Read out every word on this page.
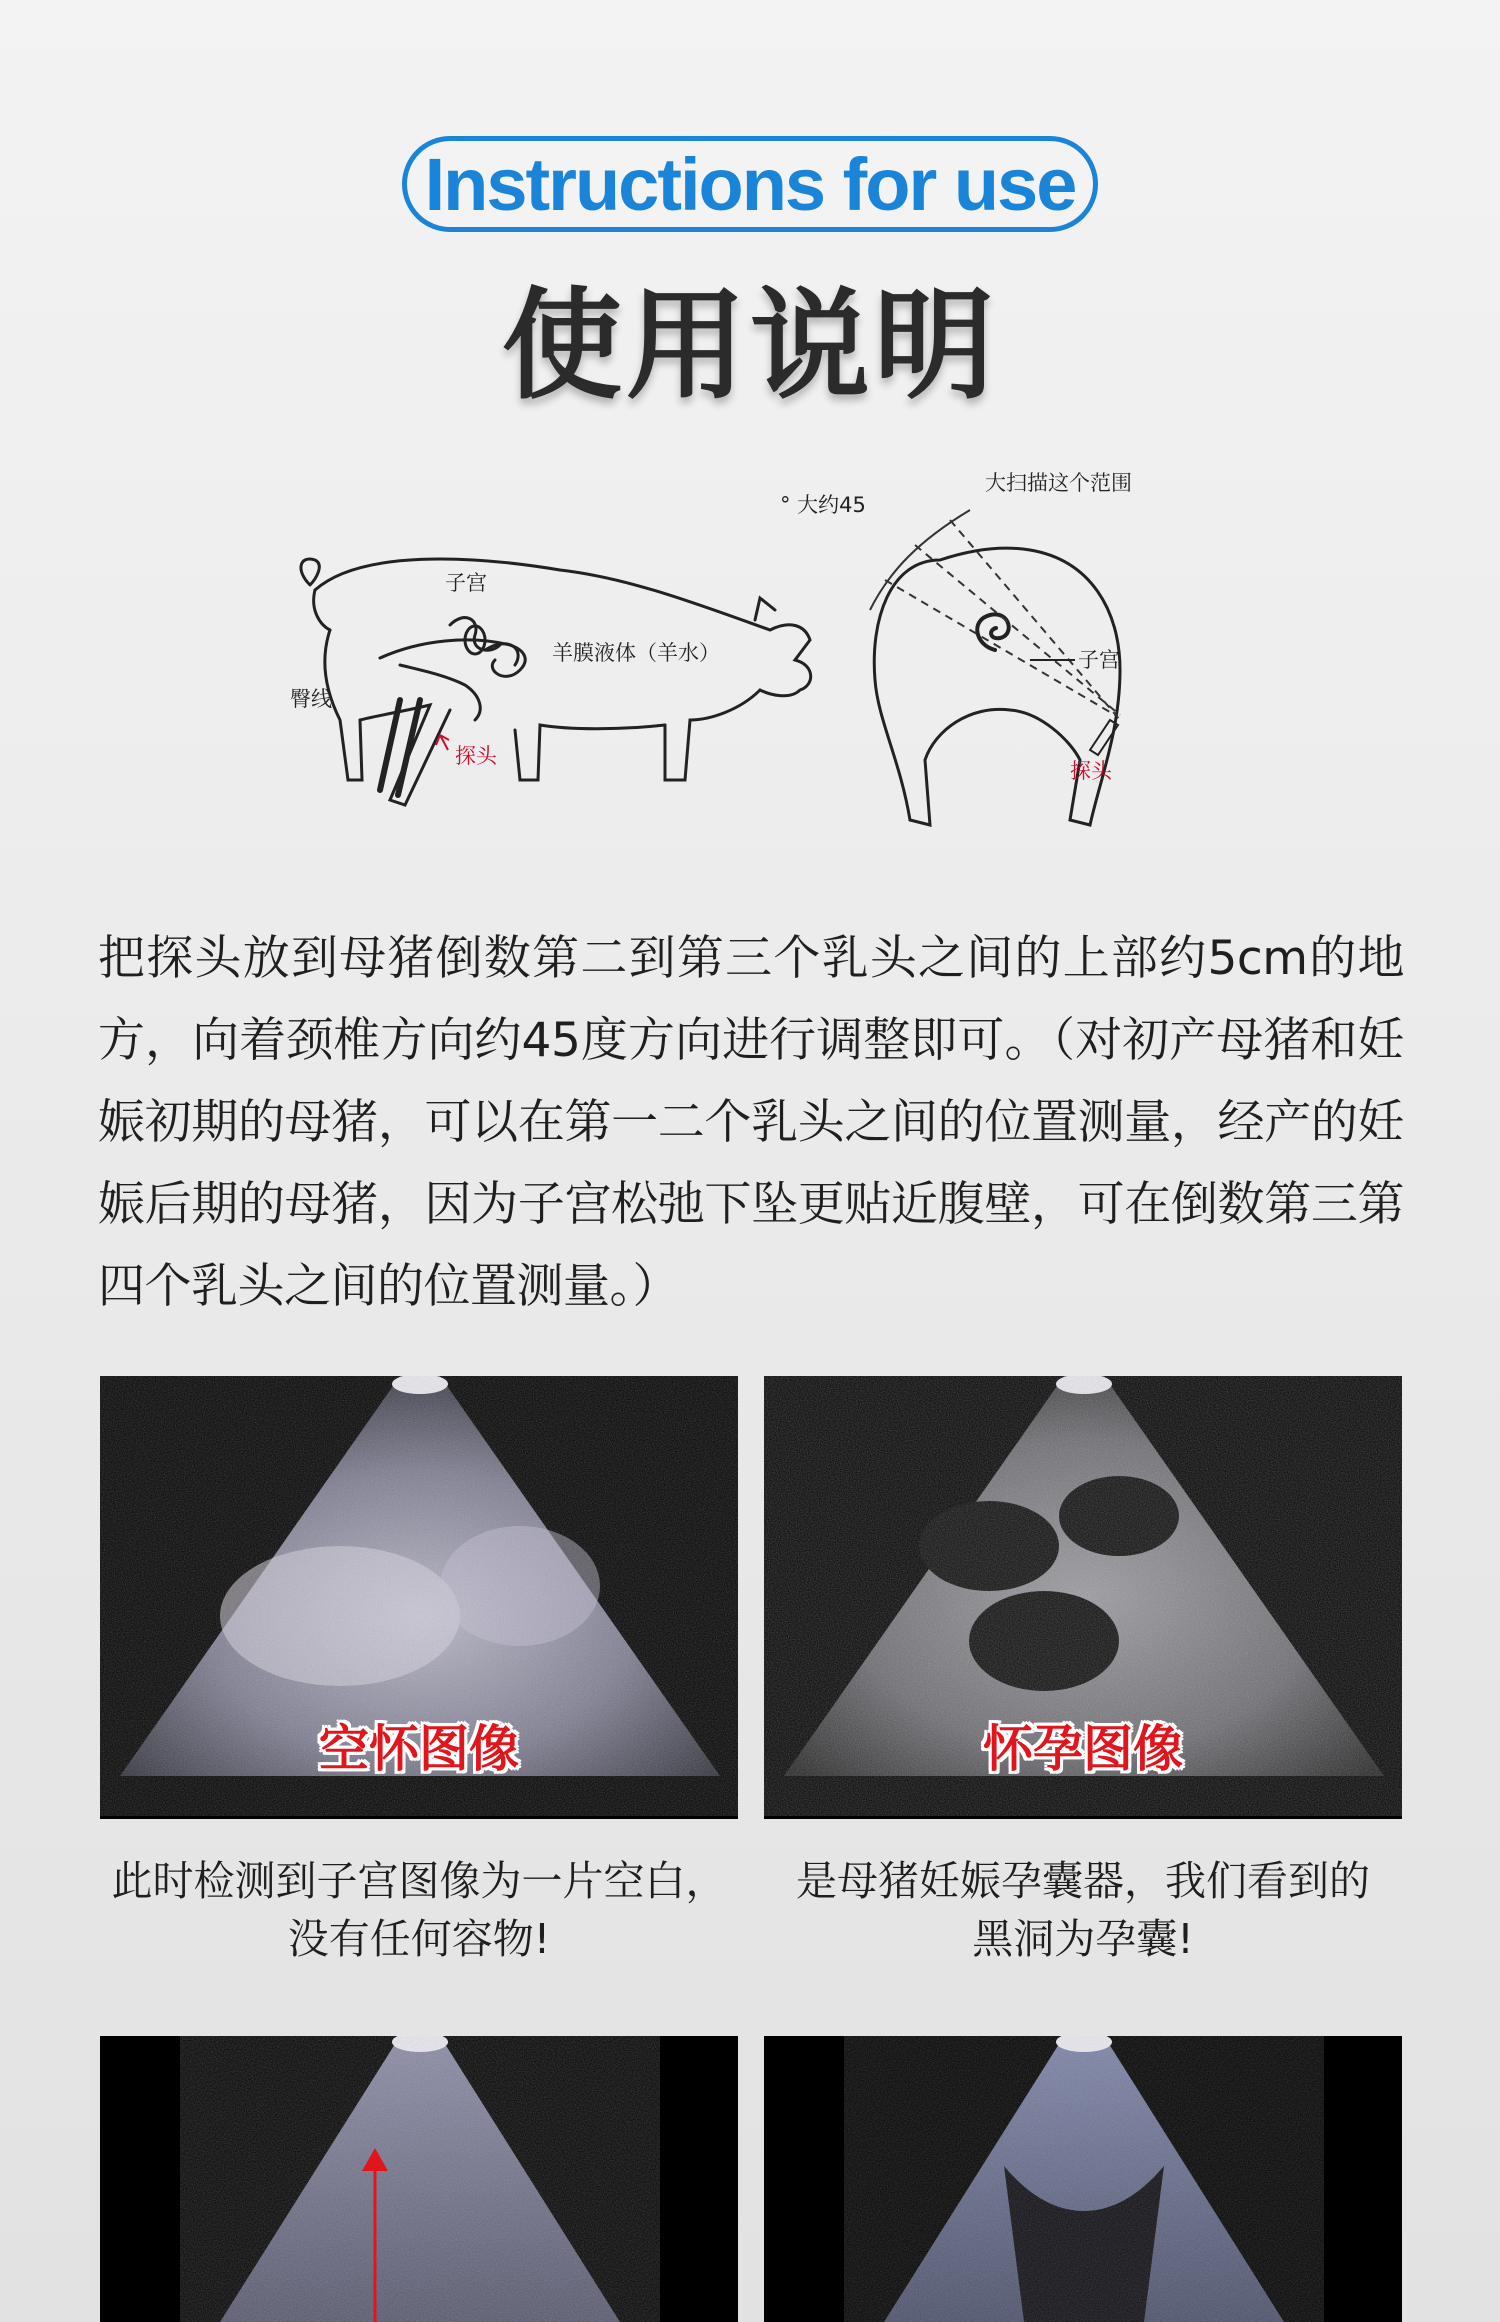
Instructions for use
使用说明
子宫
羊膜液体（羊水）
臀线
探头
° 大约45
大扫描这个范围
子宫
探头
把探头放到母猪倒数第二到第三个乳头之间的上部约5cm的地方，向着颈椎方向约45度方向进行调整即可。（对初产母猪和妊娠初期的母猪，可以在第一二个乳头之间的位置测量，经产的妊娠后期的母猪，因为子宫松弛下坠更贴近腹壁，可在倒数第三第四个乳头之间的位置测量。）
空怀图像	怀孕图像
此时检测到子宫图像为一片空白，
没有任何容物!
是母猪妊娠孕囊器，我们看到的
黑洞为孕囊!
